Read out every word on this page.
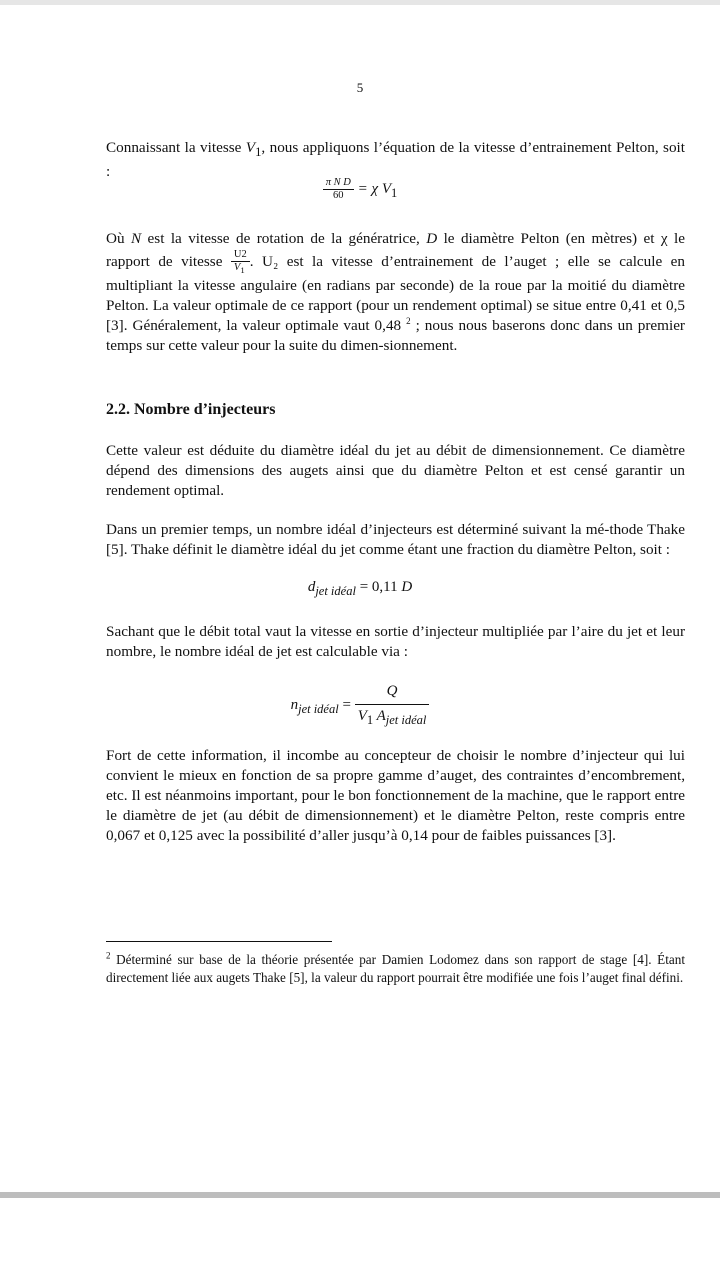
5

Connaissant la vitesse $V_1$, nous appliquons l’équation de la vitesse d’entrainement Pelton, soit :

$\frac{\text{π N D}}{60} = \chi$ $V_1$

Où N est la vitesse de rotation de la génératrice, D le diamètre Pelton (en mètres) et χ le rapport de vitesse $\frac{U2}{V_1}$ . U₂ est la vitesse d’entrainement de l’auget ; elle se calcule en multipliant la vitesse angulaire (en radians par seconde) de la roue par la moitié du diamètre Pelton. La valeur optimale de ce rapport (pour un rendement optimal) se situe entre 0,41 et 0,5 [3]. Généralement, la valeur optimale vaut 0,48 $^2$ ; nous nous baserons donc dans un premier temps sur cette valeur pour la suite du dimen-sionnement.

2.2. Nombre d’injecteurs

Cette valeur est déduite du diamètre idéal du jet au débit de dimensionnement. Ce diamètre dépend des dimensions des augets ainsi que du diamètre Pelton et est censé garantir un rendement optimal.

Dans un premier temps, un nombre idéal d’injecteurs est déterminé suivant la mé-thode Thake [5]. Thake définit le diamètre idéal du jet comme étant une fraction du diamètre Pelton, soit :

$d_{jet idéal} = 0,11$ D

Sachant que le débit total vaut la vitesse en sortie d’injecteur multipliée par l’aire du jet et leur nombre, le nombre idéal de jet est calculable via :

$n_{jet idéal} = \frac{Q}{V_1 A_{jet idéal}}$

Fort de cette information, il incombe au concepteur de choisir le nombre d’injecteur qui lui convient le mieux en fonction de sa propre gamme d’auget, des contraintes d’encombrement, etc. Il est néanmoins important, pour le bon fonctionnement de la machine, que le rapport entre le diamètre de jet (au débit de dimensionnement) et le diamètre Pelton, reste compris entre 0,067 et 0,125 avec la possibilité d’aller jusqu’à 0,14 pour de faibles puissances [3].

$^2$ Déterminé sur base de la théorie présentée par Damien Lodomez dans son rapport de stage [4]. Étant directement liée aux augets Thake [5], la valeur du rapport pourrait être modifiée une fois l’auget final défini.
